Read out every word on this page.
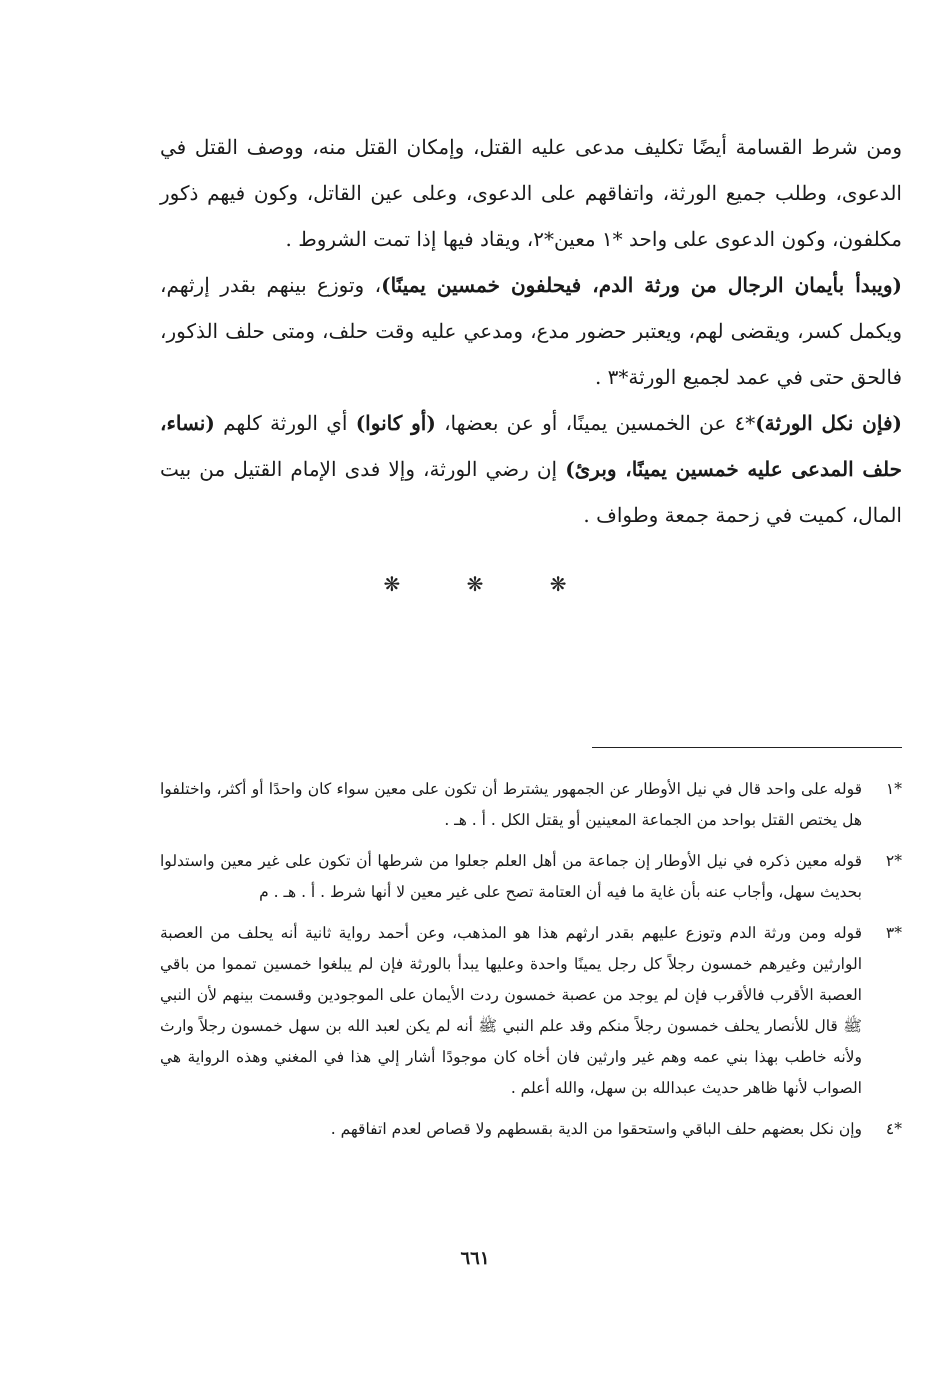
ومن شرط القسامة أيضًا تكليف مدعى عليه القتل، وإمكان القتل منه، ووصف القتل في الدعوى، وطلب جميع الورثة، واتفاقهم على الدعوى، وعلى عين القاتل، وكون فيهم ذكور مكلفون، وكون الدعوى على واحد *١ معين*٢، ويقاد فيها إذا تمت الشروط .

(ويبدأ بأيمان الرجال من ورثة الدم، فيحلفون خمسين يمينًا)، وتوزع بينهم بقدر إرثهم، ويكمل كسر، ويقضى لهم، ويعتبر حضور مدع، ومدعي عليه وقت حلف، ومتى حلف الذكور، فالحق حتى في عمد لجميع الورثة*٣ .

(فإن نكل الورثة)*٤ عن الخمسين يمينًا، أو عن بعضها، (أو كانوا) أي الورثة كلهم (نساء، حلف المدعى عليه خمسين يمينًا، وبرئ) إن رضي الورثة، وإلا فدى الإمام القتيل من بيت المال، كميت في زحمة جمعة وطواف .

❋	❋	❋
*١
قوله على واحد قال في نيل الأوطار عن الجمهور يشترط أن تكون على معين سواء كان واحدًا أو أكثر، واختلفوا هل يختص القتل بواحد من الجماعة المعينين أو يقتل الكل . أ . هـ .
*٢
قوله معين ذكره في نيل الأوطار إن جماعة من أهل العلم جعلوا من شرطها أن تكون على غير معين واستدلوا بحديث سهل، وأجاب عنه بأن غاية ما فيه أن العتامة تصح على غير معين لا أنها شرط . أ . هـ . م
*٣
قوله ومن ورثة الدم وتوزع عليهم بقدر ارثهم هذا هو المذهب، وعن أحمد رواية ثانية أنه يحلف من العصبة الوارثين وغيرهم خمسون رجلاً كل رجل يمينًا واحدة وعليها يبدأ بالورثة فإن لم يبلغوا خمسين تمموا من باقي العصبة الأقرب فالأقرب فإن لم يوجد من عصبة خمسون ردت الأيمان على الموجودين وقسمت بينهم لأن النبي ﷺ قال للأنصار يحلف خمسون رجلاً منكم وقد علم النبي ﷺ أنه لم يكن لعبد الله بن سهل خمسون رجلاً وارث ولأنه خاطب بهذا بني عمه وهم غير وارثين فان أخاه كان موجودًا أشار إلي هذا في المغني وهذه الرواية هي الصواب لأنها ظاهر حديث عبدالله بن سهل، والله أعلم .
*٤
وإن نكل بعضهم حلف الباقي واستحقوا من الدية بقسطهم ولا قصاص لعدم اتفاقهم .
٦٦١
